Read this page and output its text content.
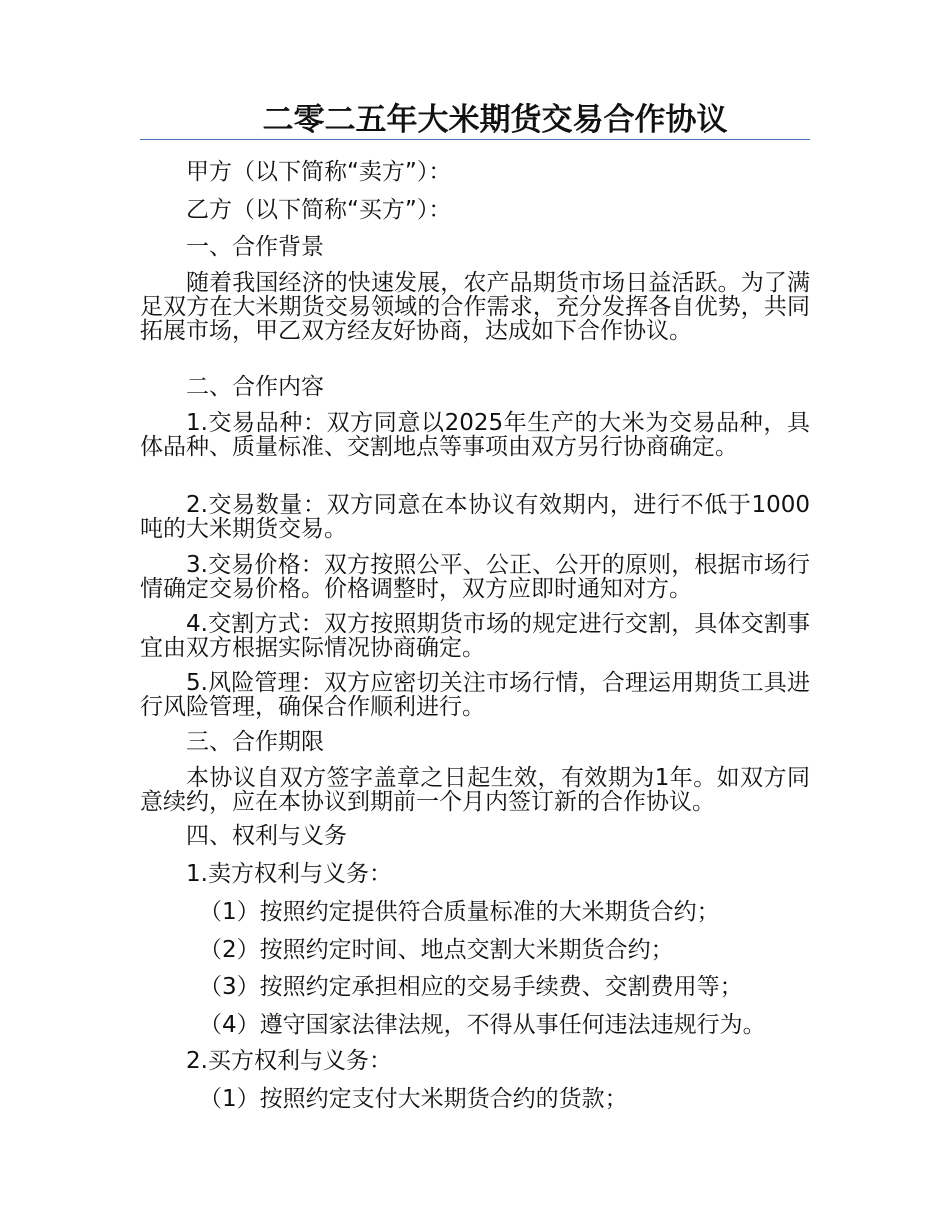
二零二五年大米期货交易合作协议

甲方（以下简称“卖方”）：

乙方（以下简称“买方”）：

一、合作背景

随着我国经济的快速发展，农产品期货市场日益活跃。为了满足双方在大米期货交易领域的合作需求，充分发挥各自优势，共同拓展市场，甲乙双方经友好协商，达成如下合作协议。

二、合作内容

1.交易品种：双方同意以2025年生产的大米为交易品种，具体品种、质量标准、交割地点等事项由双方另行协商确定。

2.交易数量：双方同意在本协议有效期内，进行不低于1000吨的大米期货交易。

3.交易价格：双方按照公平、公正、公开的原则，根据市场行情确定交易价格。价格调整时，双方应即时通知对方。

4.交割方式：双方按照期货市场的规定进行交割，具体交割事宜由双方根据实际情况协商确定。

5.风险管理：双方应密切关注市场行情，合理运用期货工具进行风险管理，确保合作顺利进行。

三、合作期限

本协议自双方签字盖章之日起生效，有效期为1年。如双方同意续约，应在本协议到期前一个月内签订新的合作协议。

四、权利与义务

1.卖方权利与义务：

（1）按照约定提供符合质量标准的大米期货合约；
（2）按照约定时间、地点交割大米期货合约；
（3）按照约定承担相应的交易手续费、交割费用等；
（4）遵守国家法律法规，不得从事任何违法违规行为。

2.买方权利与义务：

（1）按照约定支付大米期货合约的货款；
